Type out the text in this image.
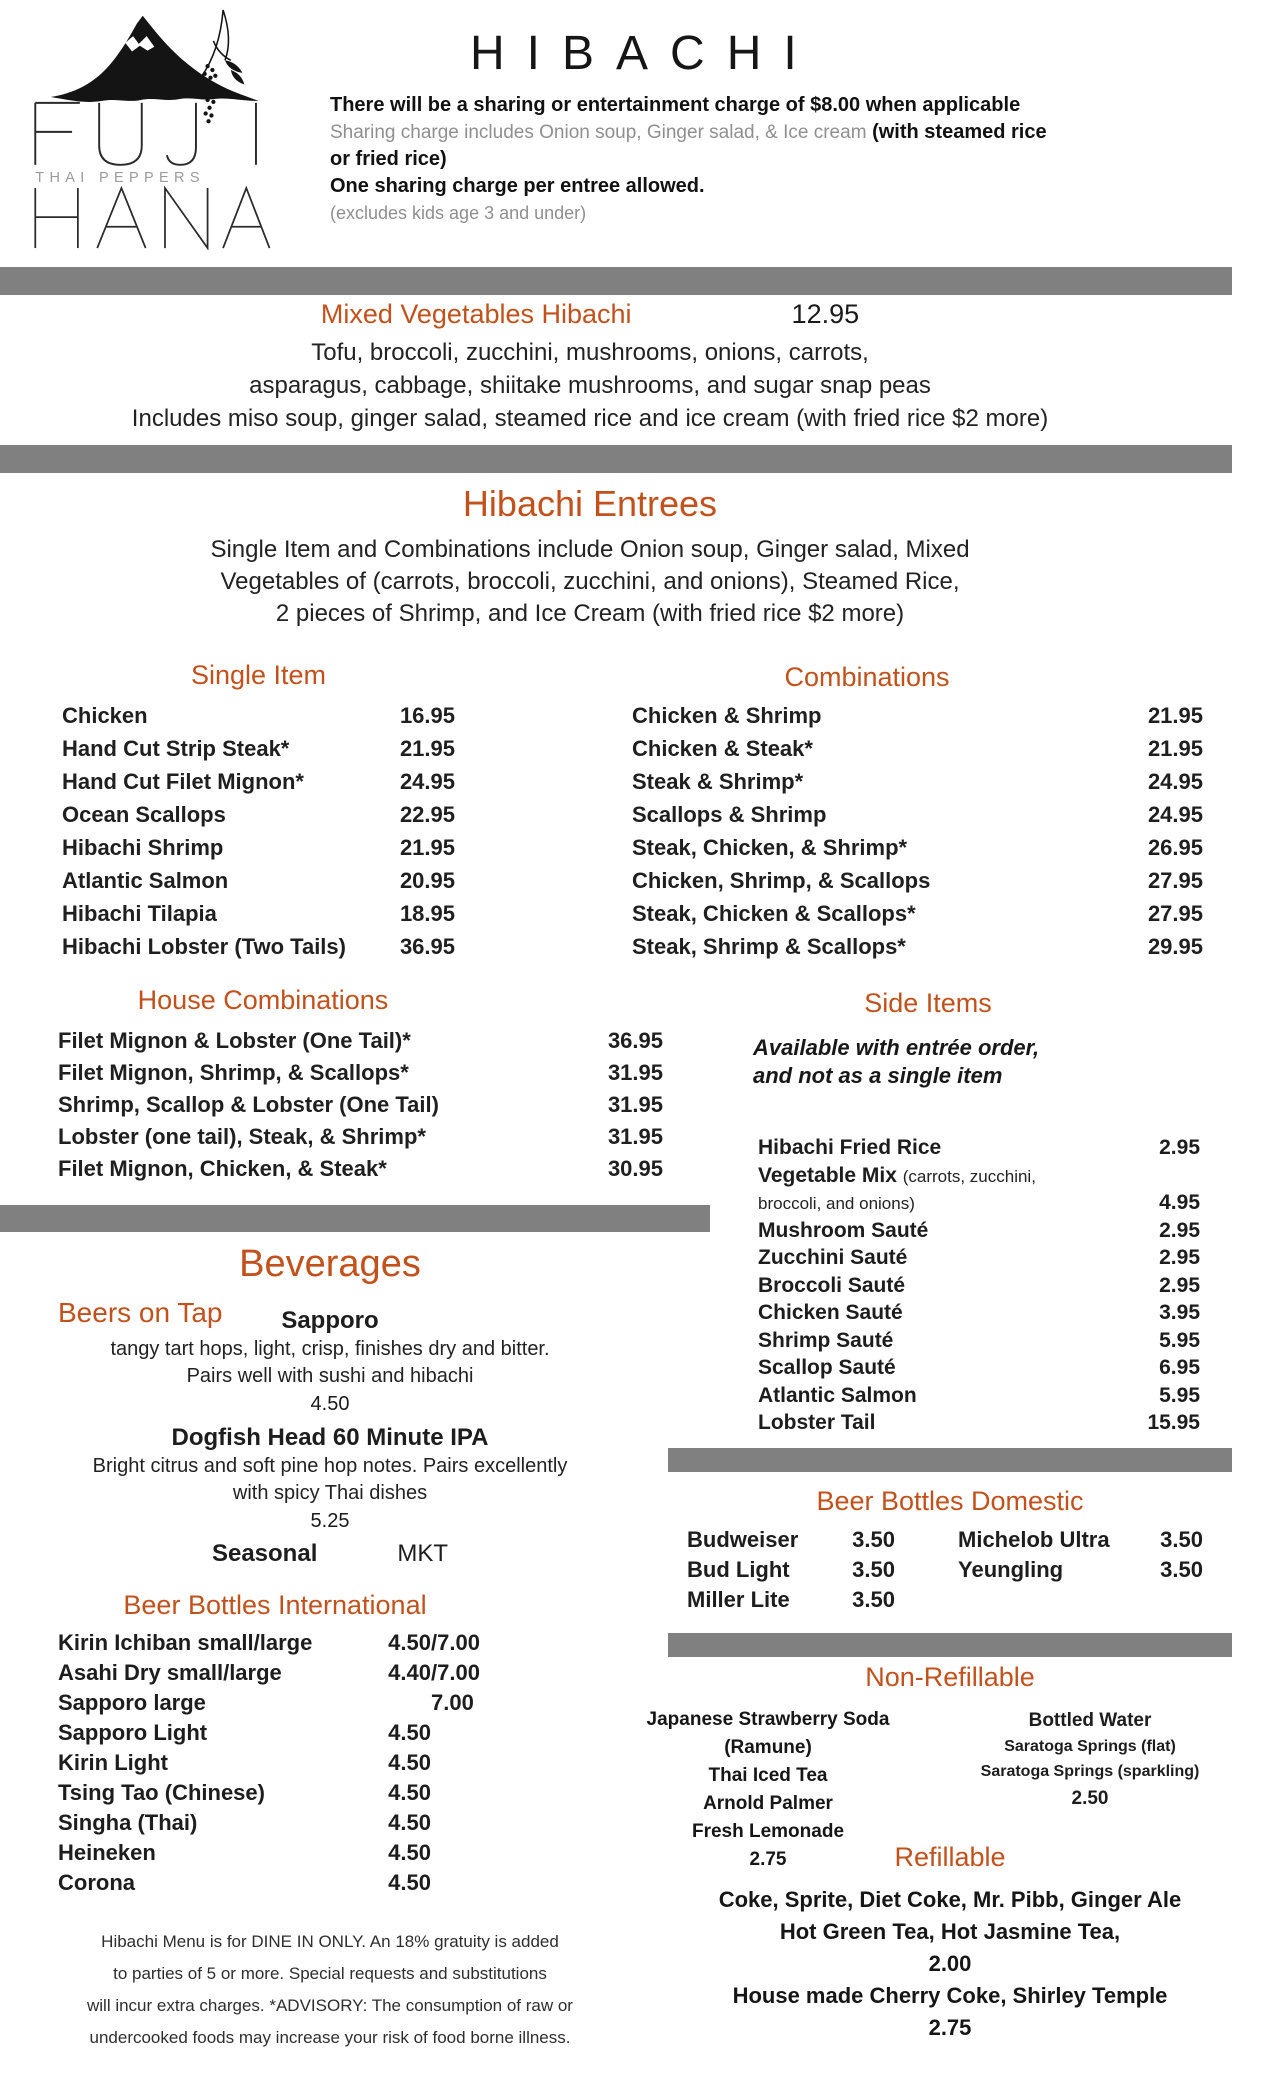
THAI PEPPERS
HIBACHI
There will be a sharing or entertainment charge of $8.00 when applicable
Sharing charge includes Onion soup, Ginger salad, & Ice cream (with steamed rice or fried rice)
One sharing charge per entree allowed.
(excludes kids age 3 and under)
Mixed Vegetables Hibachi	12.95
Tofu, broccoli, zucchini, mushrooms, onions, carrots,
asparagus, cabbage, shiitake mushrooms, and sugar snap peas
Includes miso soup, ginger salad, steamed rice and ice cream (with fried rice $2 more)
Hibachi Entrees
Single Item and Combinations include Onion soup, Ginger salad, Mixed
Vegetables of (carrots, broccoli, zucchini, and onions), Steamed Rice,
2 pieces of Shrimp, and Ice Cream (with fried rice $2 more)
Single Item
Chicken	16.95
Hand Cut Strip Steak*	21.95
Hand Cut Filet Mignon*	24.95
Ocean Scallops	22.95
Hibachi Shrimp	21.95
Atlantic Salmon	20.95
Hibachi Tilapia	18.95
Hibachi Lobster (Two Tails)	36.95
Combinations
Chicken & Shrimp	21.95
Chicken & Steak*	21.95
Steak & Shrimp*	24.95
Scallops & Shrimp	24.95
Steak, Chicken, & Shrimp*	26.95
Chicken, Shrimp, & Scallops	27.95
Steak, Chicken & Scallops*	27.95
Steak, Shrimp & Scallops*	29.95
House Combinations
Filet Mignon & Lobster (One Tail)*	36.95
Filet Mignon, Shrimp, & Scallops*	31.95
Shrimp, Scallop & Lobster (One Tail)	31.95
Lobster (one tail), Steak, & Shrimp*	31.95
Filet Mignon, Chicken, & Steak*	30.95
Side Items
Available with entrée order,
and not as a single item
Hibachi Fried Rice	2.95
Vegetable Mix (carrots, zucchini,
broccoli, and onions)	4.95
Mushroom Sauté	2.95
Zucchini Sauté	2.95
Broccoli Sauté	2.95
Chicken Sauté	3.95
Shrimp Sauté	5.95
Scallop Sauté	6.95
Atlantic Salmon	5.95
Lobster Tail	15.95
Beverages
Beers on Tap	Sapporo
tangy tart hops, light, crisp, finishes dry and bitter.
Pairs well with sushi and hibachi
4.50
Dogfish Head 60 Minute IPA
Bright citrus and soft pine hop notes. Pairs excellently
with spicy Thai dishes
5.25
Seasonal	MKT
Beer Bottles International
Kirin Ichiban small/large	4.50 /7.00
Asahi Dry small/large	4.40 /7.00
Sapporo large	7.00
Sapporo Light	4.50
Kirin Light	4.50
Tsing Tao (Chinese)	4.50
Singha (Thai)	4.50
Heineken	4.50
Corona	4.50
Beer Bottles Domestic
Budweiser	3.50
Bud Light	3.50
Miller Lite	3.50
Michelob Ultra	3.50
Yeungling	3.50
Non-Refillable
Japanese Strawberry Soda (Ramune)
Thai Iced Tea
Arnold Palmer
Fresh Lemonade
2.75
Bottled Water
Saratoga Springs (flat)
Saratoga Springs (sparkling)
2.50
Refillable
Coke, Sprite, Diet Coke, Mr. Pibb, Ginger Ale
Hot Green Tea, Hot Jasmine Tea,
2.00
House made Cherry Coke, Shirley Temple
2.75
Hibachi Menu is for DINE IN ONLY. An 18% gratuity is added
to parties of 5 or more. Special requests and substitutions
will incur extra charges. *ADVISORY: The consumption of raw or
undercooked foods may increase your risk of food borne illness.
